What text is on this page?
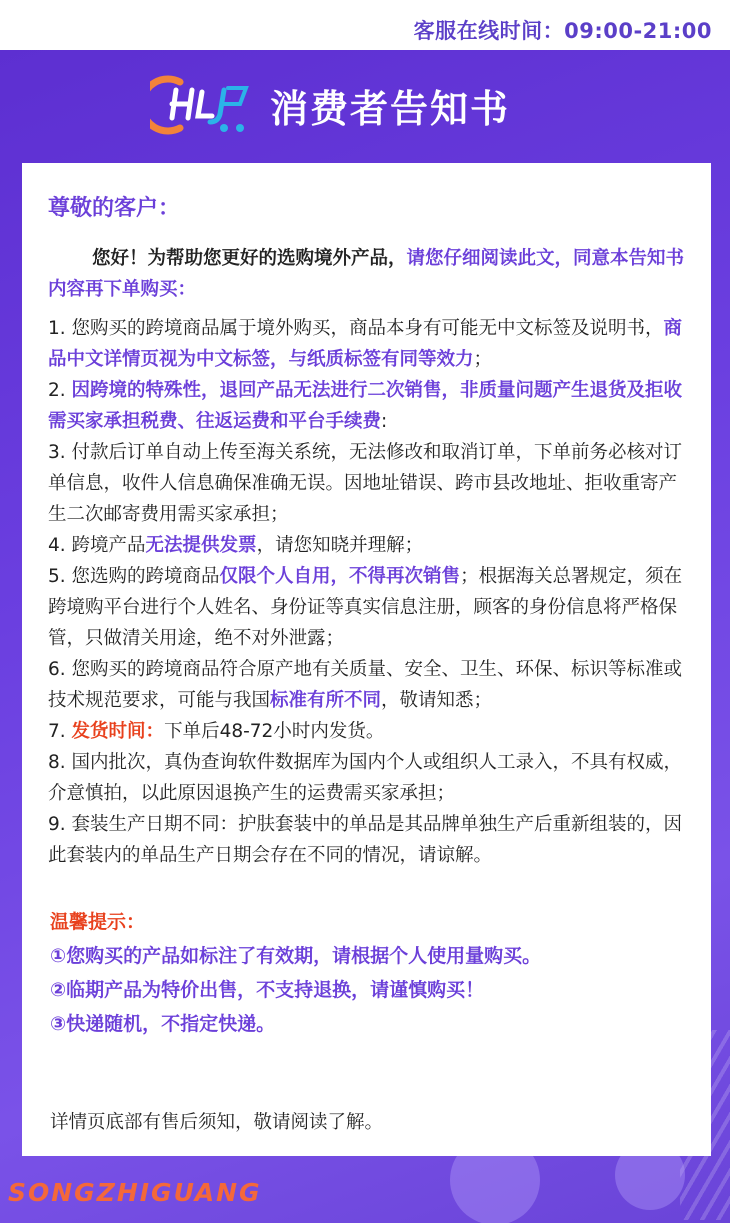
客服在线时间：09:00-21:00
消费者告知书
尊敬的客户：
您好！为帮助您更好的选购境外产品，请您仔细阅读此文，同意本告知书内容再下单购买：

1. 您购买的跨境商品属于境外购买，商品本身有可能无中文标签及说明书，商品中文详情页视为中文标签，与纸质标签有同等效力；

2. 因跨境的特殊性，退回产品无法进行二次销售，非质量问题产生退货及拒收需买家承担税费、往返运费和平台手续费:

3. 付款后订单自动上传至海关系统，无法修改和取消订单，下单前务必核对订单信息，收件人信息确保准确无误。因地址错误、跨市县改地址、拒收重寄产生二次邮寄费用需买家承担；

4. 跨境产品无法提供发票，请您知晓并理解；

5. 您选购的跨境商品仅限个人自用，不得再次销售；根据海关总署规定，须在跨境购平台进行个人姓名、身份证等真实信息注册，顾客的身份信息将严格保管，只做清关用途，绝不对外泄露；

6. 您购买的跨境商品符合原产地有关质量、安全、卫生、环保、标识等标准或技术规范要求，可能与我国标准有所不同，敬请知悉；

7. 发货时间：下单后48-72小时内发货。

8. 国内批次，真伪查询软件数据库为国内个人或组织人工录入，不具有权威，介意慎拍，以此原因退换产生的运费需买家承担；

9. 套装生产日期不同：护肤套装中的单品是其品牌单独生产后重新组装的，因此套装内的单品生产日期会存在不同的情况，请谅解。

温馨提示：
①您购买的产品如标注了有效期，请根据个人使用量购买。
②临期产品为特价出售，不支持退换，请谨慎购买！
③快递随机，不指定快递。
详情页底部有售后须知，敬请阅读了解。
SONGZHIGUANG
